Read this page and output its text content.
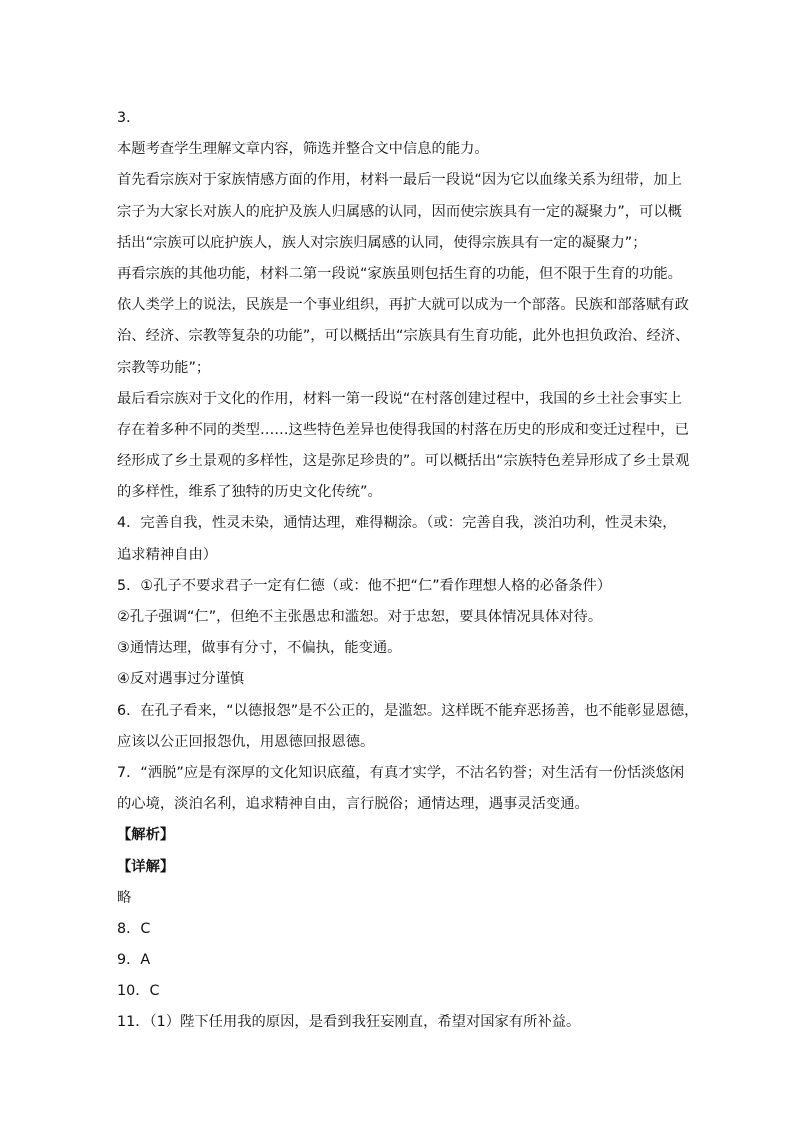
3．
本题考查学生理解文章内容，筛选并整合文中信息的能力。
首先看宗族对于家族情感方面的作用，材料一最后一段说“因为它以血缘关系为纽带，加上
宗子为大家长对族人的庇护及族人归属感的认同，因而使宗族具有一定的凝聚力”，可以概
括出“宗族可以庇护族人，族人对宗族归属感的认同，使得宗族具有一定的凝聚力”；
再看宗族的其他功能，材料二第一段说“家族虽则包括生育的功能，但不限于生育的功能。
依人类学上的说法，民族是一个事业组织，再扩大就可以成为一个部落。民族和部落赋有政
治、经济、宗教等复杂的功能”，可以概括出“宗族具有生育功能，此外也担负政治、经济、
宗教等功能”；
最后看宗族对于文化的作用，材料一第一段说“在村落创建过程中，我国的乡土社会事实上
存在着多种不同的类型……这些特色差异也使得我国的村落在历史的形成和变迁过程中，已
经形成了乡土景观的多样性，这是弥足珍贵的”。可以概括出“宗族特色差异形成了乡土景观
的多样性，维系了独特的历史文化传统”。
4．完善自我，性灵未染，通情达理，难得糊涂。（或：完善自我，淡泊功利，性灵未染，
追求精神自由）
5．①孔子不要求君子一定有仁德（或：他不把“仁”看作理想人格的必备条件）
②孔子强调“仁”，但绝不主张愚忠和滥恕。对于忠恕，要具体情况具体对待。
③通情达理，做事有分寸，不偏执，能变通。
④反对遇事过分谨慎
6．在孔子看来，“以德报怨”是不公正的，是滥恕。这样既不能弃恶扬善，也不能彰显恩德，
应该以公正回报怨仇，用恩德回报恩德。
7．“洒脱”应是有深厚的文化知识底蕴，有真才实学，不沽名钓誉；对生活有一份恬淡悠闲
的心境，淡泊名利，追求精神自由，言行脱俗；通情达理，遇事灵活变通。
【解析】
【详解】
略
8．C
9．A
10．C
11．（1）陛下任用我的原因，是看到我狂妄刚直，希望对国家有所补益。
